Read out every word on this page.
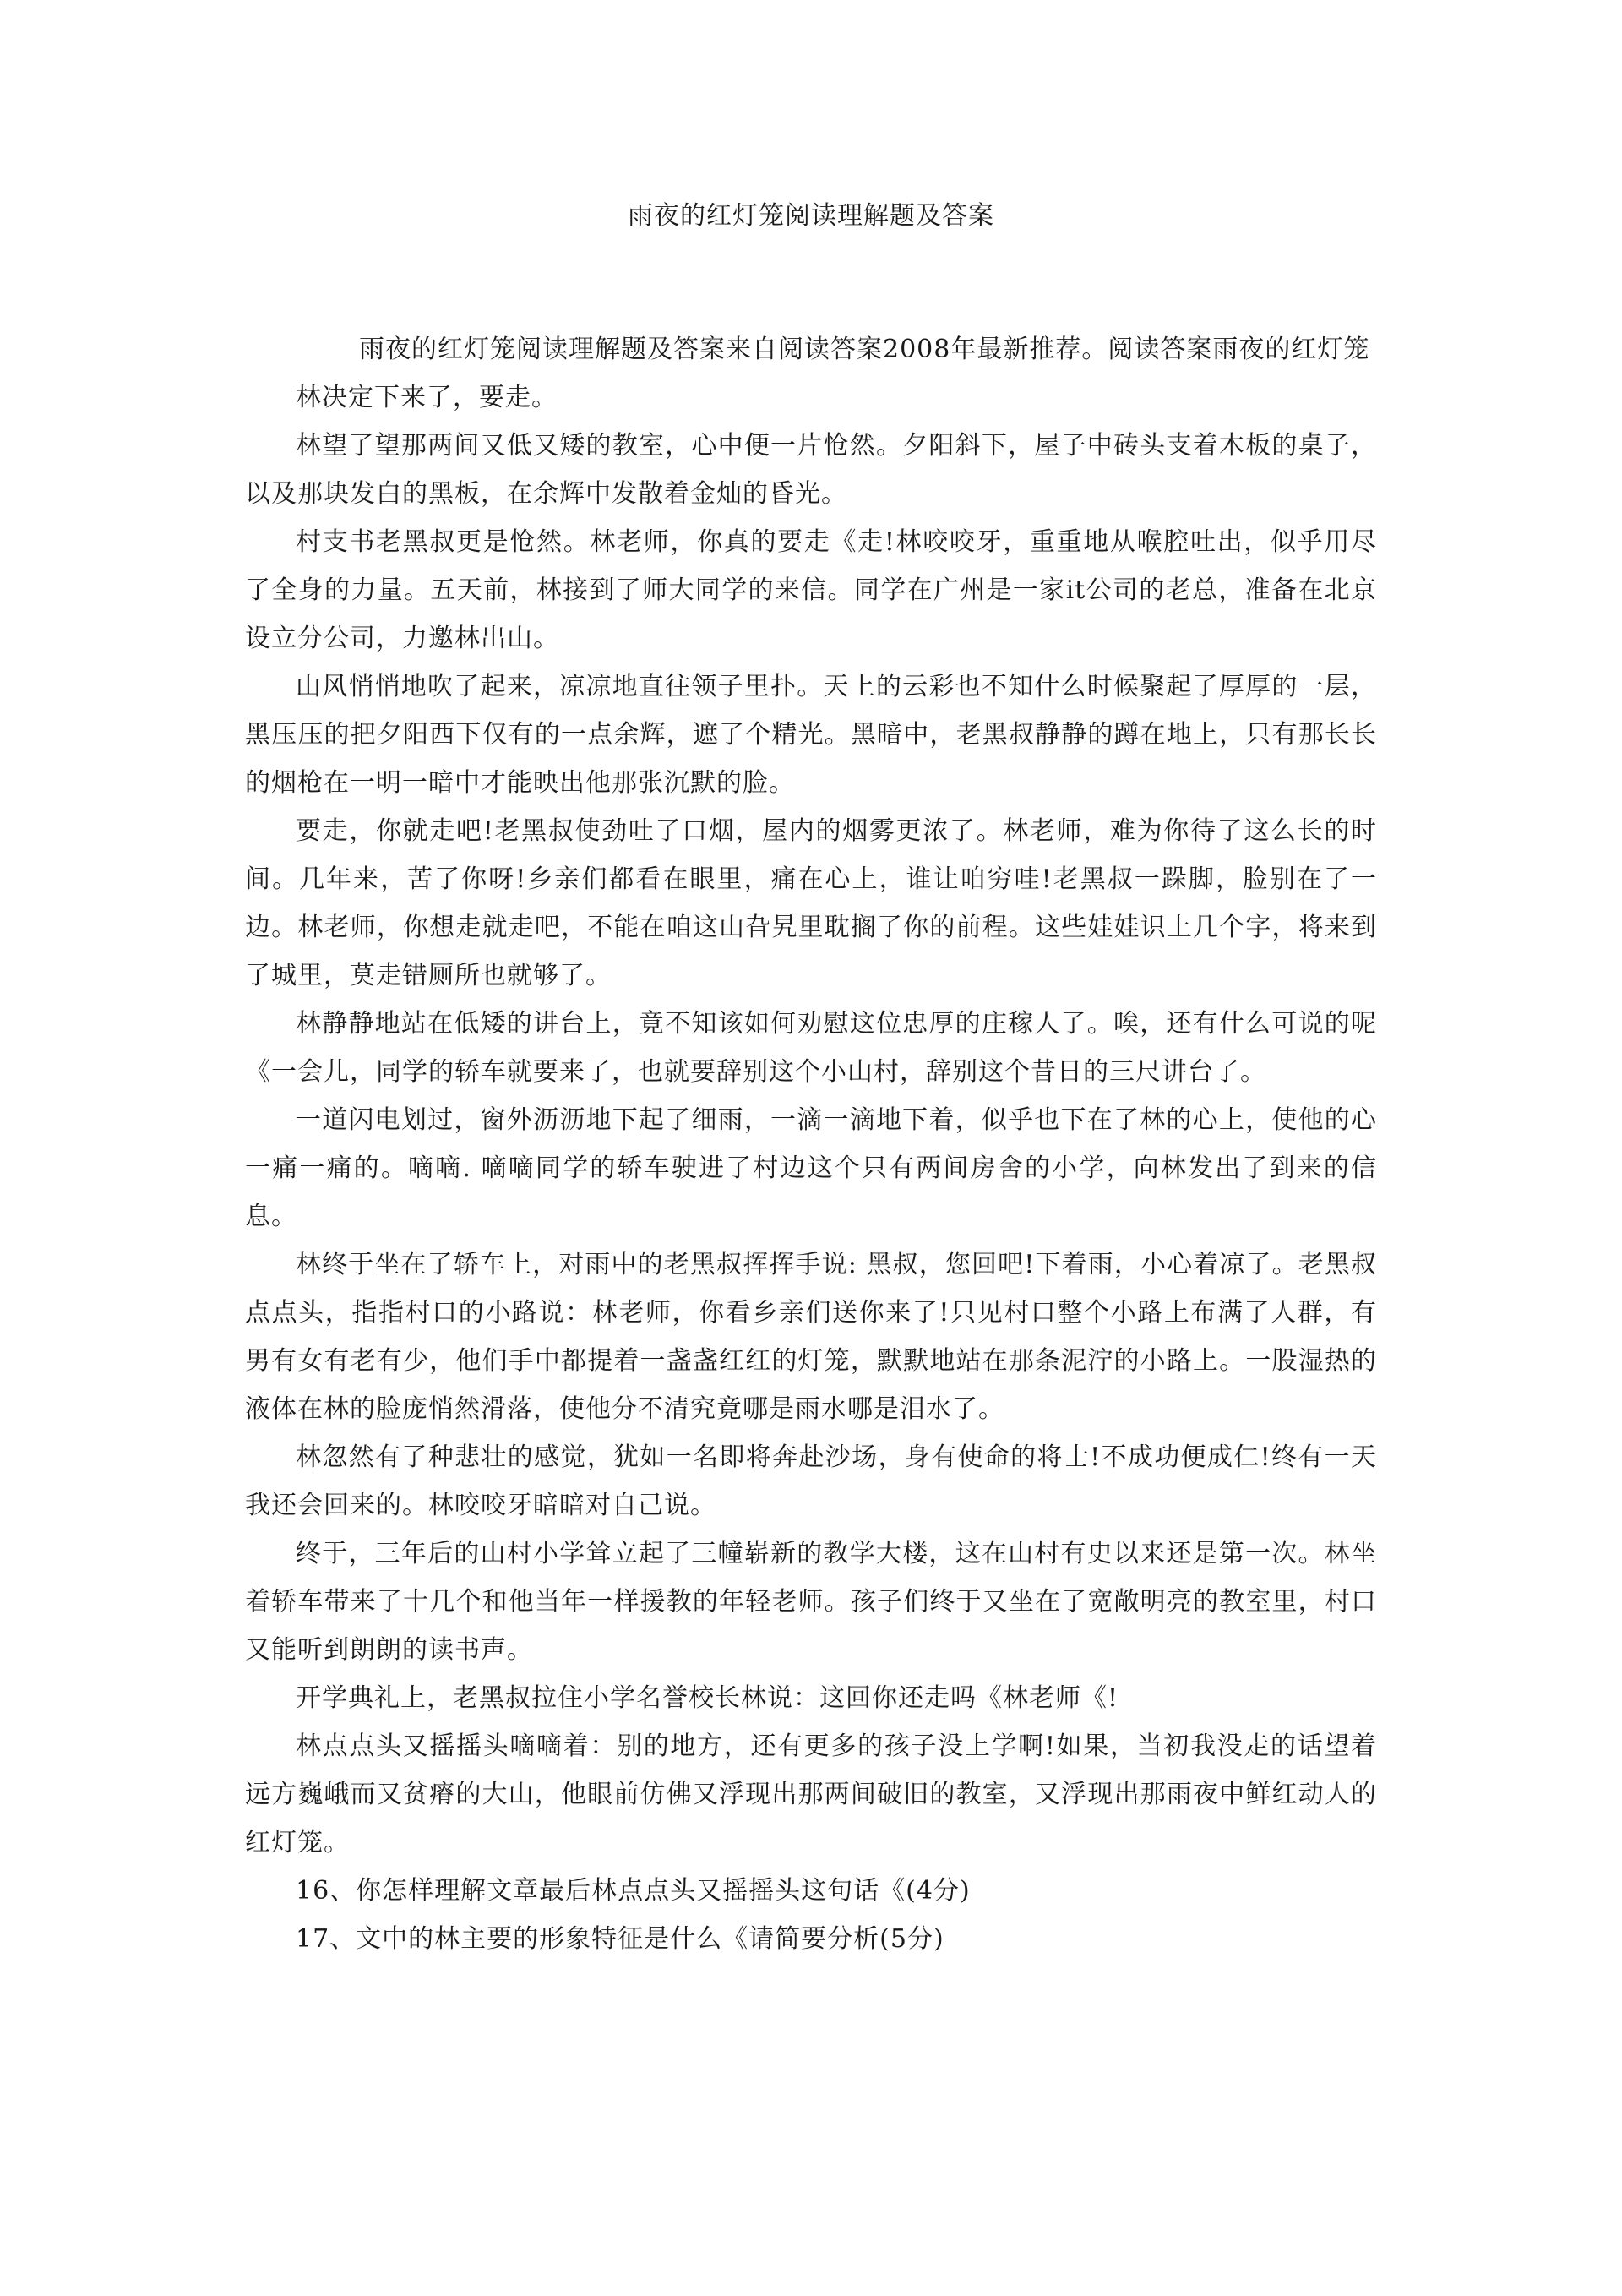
雨夜的红灯笼阅读理解题及答案

雨夜的红灯笼阅读理解题及答案来自阅读答案2008年最新推荐。阅读答案雨夜的红灯笼

林决定下来了，要走。

林望了望那两间又低又矮的教室，心中便一片怆然。夕阳斜下，屋子中砖头支着木板的桌子，以及那块发白的黑板，在余辉中发散着金灿的昏光。

村支书老黑叔更是怆然。林老师，你真的要走《走!林咬咬牙，重重地从喉腔吐出，似乎用尽了全身的力量。五天前，林接到了师大同学的来信。同学在广州是一家it公司的老总，准备在北京设立分公司，力邀林出山。

山风悄悄地吹了起来，凉凉地直往领子里扑。天上的云彩也不知什么时候聚起了厚厚的一层，黑压压的把夕阳西下仅有的一点余辉，遮了个精光。黑暗中，老黑叔静静的蹲在地上，只有那长长的烟枪在一明一暗中才能映出他那张沉默的脸。

要走，你就走吧!老黑叔使劲吐了口烟，屋内的烟雾更浓了。林老师，难为你待了这么长的时间。几年来，苦了你呀!乡亲们都看在眼里，痛在心上，谁让咱穷哇!老黑叔一跺脚，脸别在了一边。林老师，你想走就走吧，不能在咱这山旮旯里耽搁了你的前程。这些娃娃识上几个字，将来到了城里，莫走错厕所也就够了。

林静静地站在低矮的讲台上，竟不知该如何劝慰这位忠厚的庄稼人了。唉，还有什么可说的呢《一会儿，同学的轿车就要来了，也就要辞别这个小山村，辞别这个昔日的三尺讲台了。

一道闪电划过，窗外沥沥地下起了细雨，一滴一滴地下着，似乎也下在了林的心上，使他的心一痛一痛的。嘀嘀. 嘀嘀同学的轿车驶进了村边这个只有两间房舍的小学，向林发出了到来的信息。

林终于坐在了轿车上，对雨中的老黑叔挥挥手说: 黑叔，您回吧!下着雨，小心着凉了。老黑叔点点头，指指村口的小路说：林老师，你看乡亲们送你来了!只见村口整个小路上布满了人群，有男有女有老有少，他们手中都提着一盏盏红红的灯笼，默默地站在那条泥泞的小路上。一股湿热的液体在林的脸庞悄然滑落，使他分不清究竟哪是雨水哪是泪水了。

林忽然有了种悲壮的感觉，犹如一名即将奔赴沙场，身有使命的将士!不成功便成仁!终有一天我还会回来的。林咬咬牙暗暗对自己说。

终于，三年后的山村小学耸立起了三幢崭新的教学大楼，这在山村有史以来还是第一次。林坐着轿车带来了十几个和他当年一样援教的年轻老师。孩子们终于又坐在了宽敞明亮的教室里，村口又能听到朗朗的读书声。

开学典礼上，老黑叔拉住小学名誉校长林说：这回你还走吗《林老师《!

林点点头又摇摇头嘀嘀着：别的地方，还有更多的孩子没上学啊!如果，当初我没走的话望着远方巍峨而又贫瘠的大山，他眼前仿佛又浮现出那两间破旧的教室，又浮现出那雨夜中鲜红动人的红灯笼。

16、你怎样理解文章最后林点点头又摇摇头这句话《(4分)

17、文中的林主要的形象特征是什么《请简要分析(5分)
